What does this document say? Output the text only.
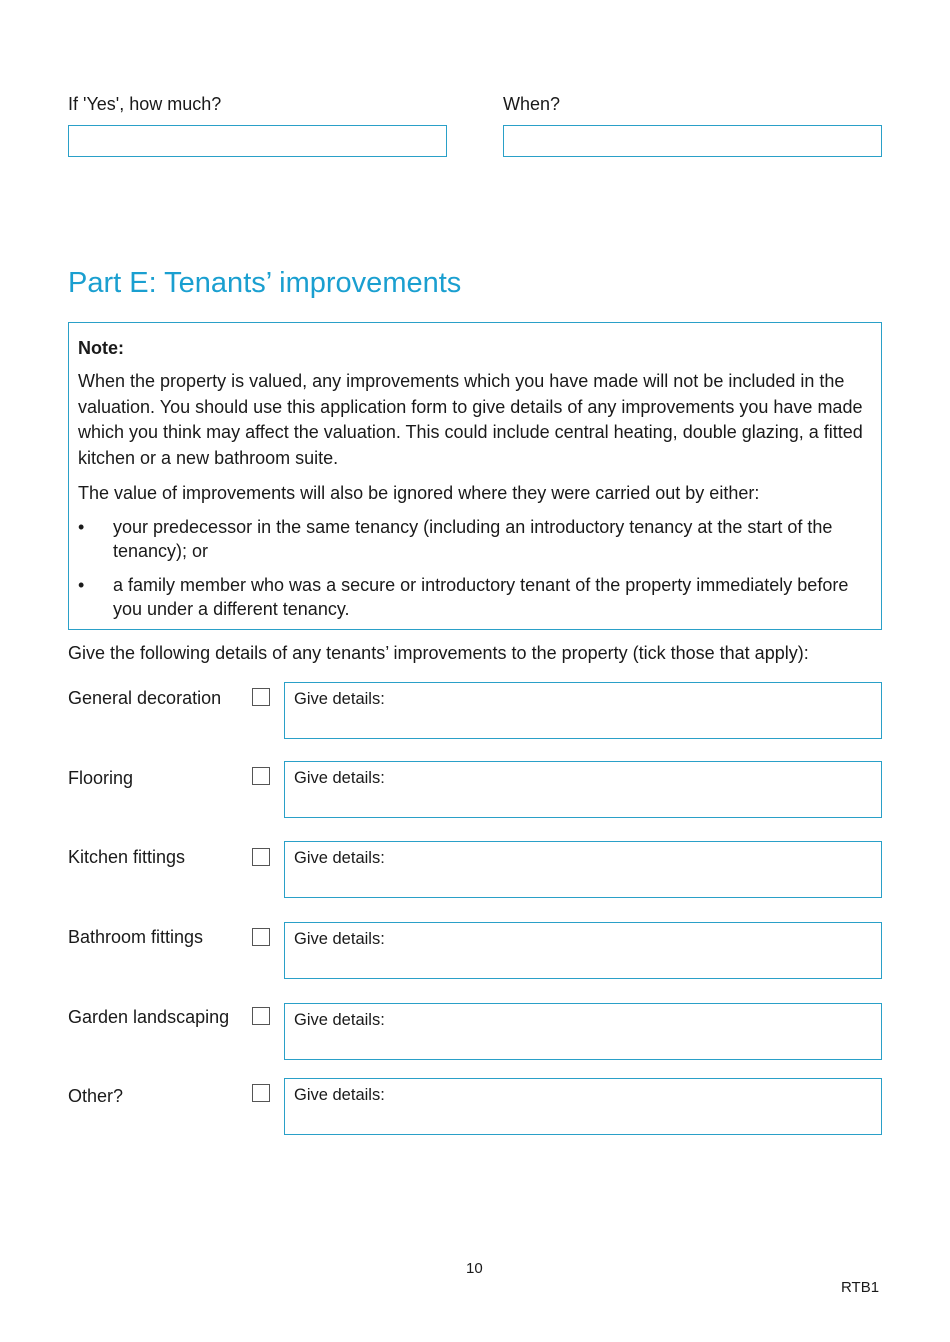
If 'Yes', how much?	When?
Part E: Tenants’ improvements
Note:

When the property is valued, any improvements which you have made will not be included in the valuation. You should use this application form to give details of any improvements you have made which you think may affect the valuation. This could include central heating, double glazing, a fitted kitchen or a new bathroom suite.

The value of improvements will also be ignored where they were carried out by either:

• your predecessor in the same tenancy (including an introductory tenancy at the start of the tenancy); or
• a family member who was a secure or introductory tenant of the property immediately before you under a different tenancy.
Give the following details of any tenants’ improvements to the property (tick those that apply):
General decoration	Give details:
Flooring	Give details:
Kitchen fittings	Give details:
Bathroom fittings	Give details:
Garden landscaping	Give details:
Other?	Give details:
10
RTB1
